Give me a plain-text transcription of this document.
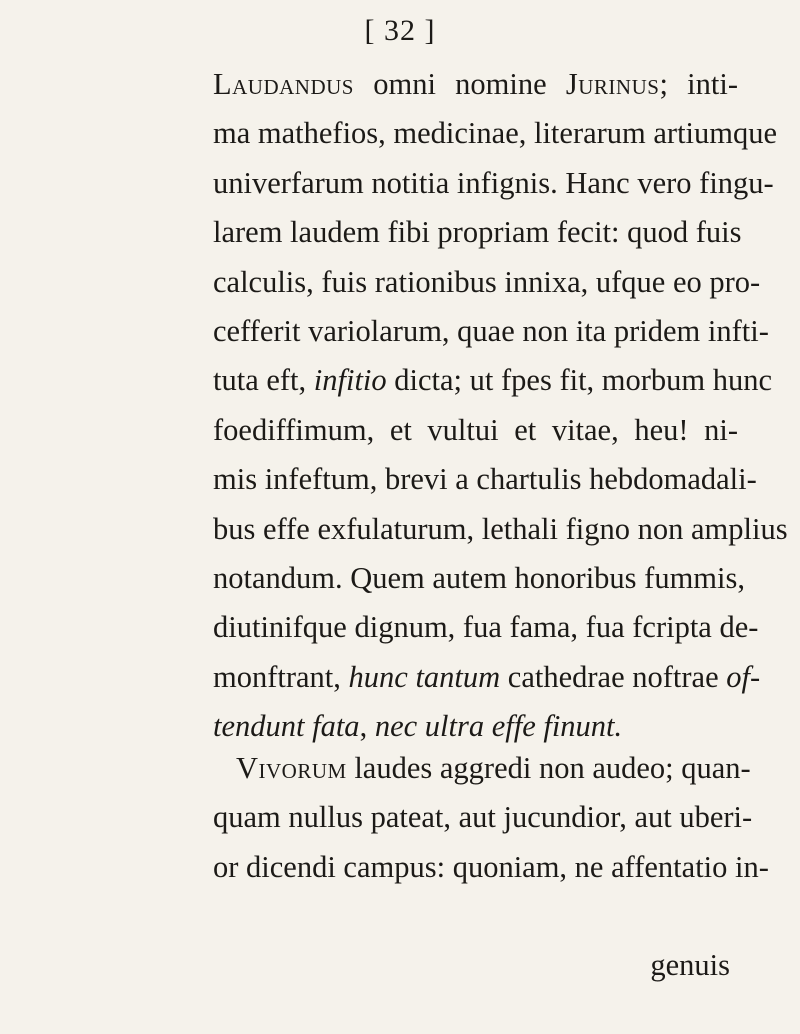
[ 32 ]
Laudandus omni nomine Jurinus; inti-
ma mathefios, medicinae, literarum artiumque
univerfarum notitia infignis. Hanc vero fingu-
larem laudem fibi propriam fecit: quod fuis
calculis, fuis rationibus innixa, ufque eo pro-
cefferit variolarum, quae non ita pridem infti-
tuta eft, infitio dicta; ut fpes fit, morbum hunc
foediffimum, et vultui et vitae, heu! ni-
mis infeftum, brevi a chartulis hebdomadali-
bus effe exfulaturum, lethali figno non amplius
notandum. Quem autem honoribus fummis,
diutinifque dignum, fua fama, fua fcripta de-
monftrant, hunc tantum cathedrae noftrae of-
tendunt fata, nec ultra effe finunt.
Vivorum laudes aggredi non audeo; quan-
quam nullus pateat, aut jucundior, aut uberi-
or dicendi campus: quoniam, ne affentatio in-
genuis
